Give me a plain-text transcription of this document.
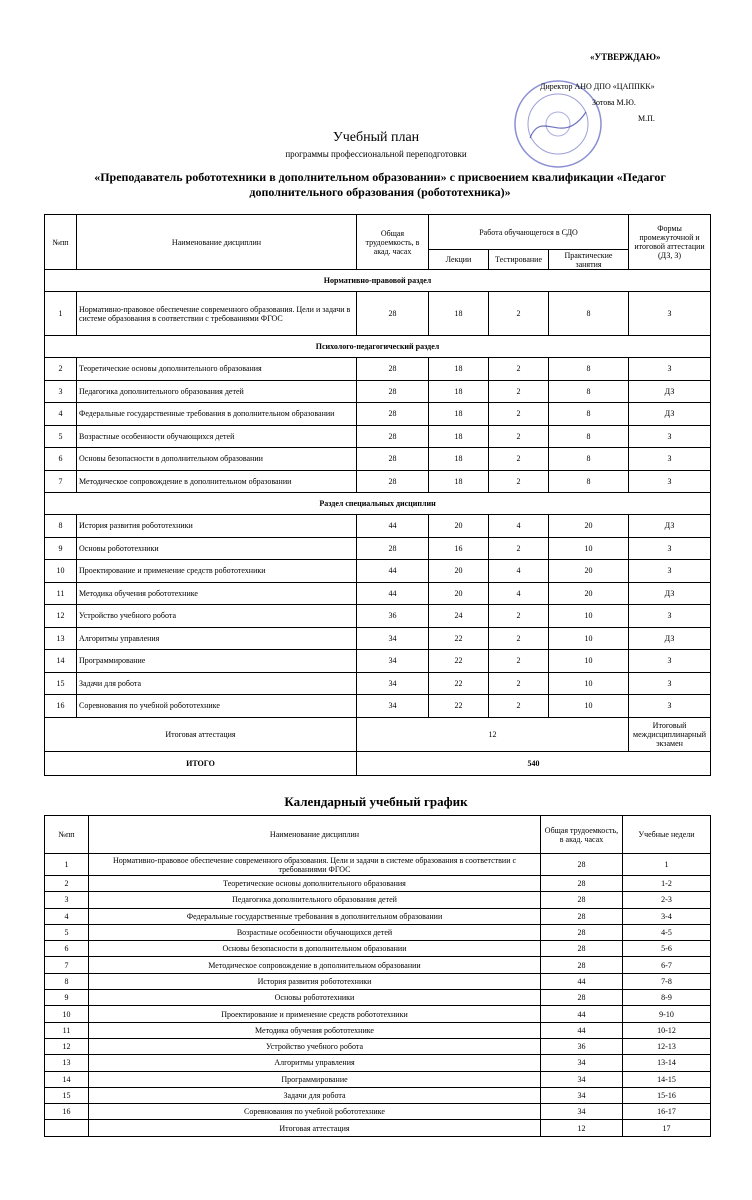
«УТВЕРЖДАЮ»
Директор АНО ДПО «ЦАППКК»
Зотова М.Ю.
М.П.
Учебный план
программы профессиональной переподготовки
«Преподаватель робототехники в дополнительном образовании» с присвоением квалификации «Педагог дополнительного образования (робототехника)»
№пп	Наименование дисциплин	Общая трудоемкость, в акад. часах	Работа обучающегося в СДО			Формы промежуточной и итоговой аттестации (ДЗ, З)
			Лекции	Тестирование	Практические занятия	
Нормативно-правовой раздел						
1	Нормативно-правовое обеспечение современного образования. Цели и задачи в системе образования в соответствии с требованиями ФГОС	28	18	2	8	З
Психолого-педагогический раздел						
2	Теоретические основы дополнительного образования	28	18	2	8	З
3	Педагогика дополнительного образования детей	28	18	2	8	ДЗ
4	Федеральные государственные требования в дополнительном образовании	28	18	2	8	ДЗ
5	Возрастные особенности обучающихся детей	28	18	2	8	З
6	Основы безопасности в дополнительном образовании	28	18	2	8	З
7	Методическое сопровождение в дополнительном образовании	28	18	2	8	З
Раздел специальных дисциплин						
8	История развития робототехники	44	20	4	20	ДЗ
9	Основы робототехники	28	16	2	10	З
10	Проектирование и применение средств робототехники	44	20	4	20	З
11	Методика обучения робототехнике	44	20	4	20	ДЗ
12	Устройство учебного робота	36	24	2	10	З
13	Алгоритмы управления	34	22	2	10	ДЗ
14	Программирование	34	22	2	10	З
15	Задачи для робота	34	22	2	10	З
16	Соревнования по учебной робототехнике	34	22	2	10	З
Итоговая аттестация		12				Итоговый междисциплинарный экзамен
ИТОГО		540				
Календарный учебный график
№пп	Наименование дисциплин	Общая трудоемкость, в акад. часах	Учебные недели
1	Нормативно-правовое обеспечение современного образования. Цели и задачи в системе образования в соответствии с требованиями ФГОС	28	1
2	Теоретические основы дополнительного образования	28	1-2
3	Педагогика дополнительного образования детей	28	2-3
4	Федеральные государственные требования в дополнительном образовании	28	3-4
5	Возрастные особенности обучающихся детей	28	4-5
6	Основы безопасности в дополнительном образовании	28	5-6
7	Методическое сопровождение в дополнительном образовании	28	6-7
8	История развития робототехники	44	7-8
9	Основы робототехники	28	8-9
10	Проектирование и применение средств робототехники	44	9-10
11	Методика обучения робототехнике	44	10-12
12	Устройство учебного робота	36	12-13
13	Алгоритмы управления	34	13-14
14	Программирование	34	14-15
15	Задачи для робота	34	15-16
16	Соревнования по учебной робототехнике	34	16-17
	Итоговая аттестация	12	17
